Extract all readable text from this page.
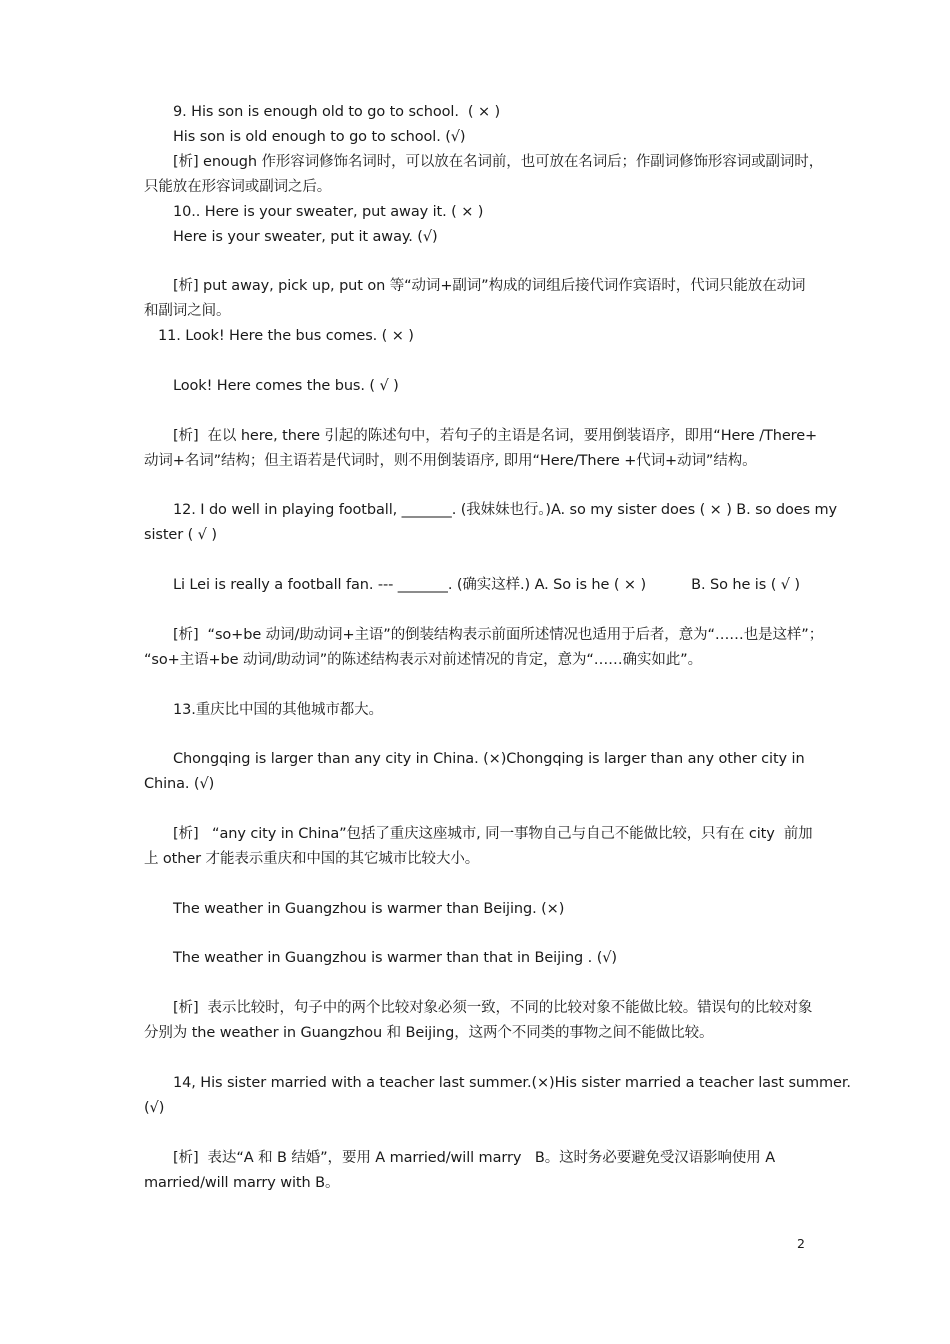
9. His son is enough old to go to school.  ( × )
His son is old enough to go to school. (√)
[析] enough 作形容词修饰名词时，可以放在名词前，也可放在名词后；作副词修饰形容词或副词时，
只能放在形容词或副词之后。
10.. Here is your sweater, put away it. ( × )
Here is your sweater, put it away. (√)
[析] put away, pick up, put on 等“动词+副词”构成的词组后接代词作宾语时，代词只能放在动词
和副词之间。
11. Look! Here the bus comes. ( × )
Look! Here comes the bus. ( √ )
[析]  在以 here, there 引起的陈述句中，若句子的主语是名词，要用倒装语序，即用“Here /There+
动词+名词”结构；但主语若是代词时，则不用倒装语序, 即用“Here/There +代词+动词”结构。
12. I do well in playing football, _______. (我妹妹也行。)A. so my sister does ( × ) B. so does my
sister ( √ )
Li Lei is really a football fan. --- _______. (确实这样.) A. So is he ( × )          B. So he is ( √ )
[析]  “so+be 动词/助动词+主语”的倒装结构表示前面所述情况也适用于后者，意为“……也是这样”；
“so+主语+be 动词/助动词”的陈述结构表示对前述情况的肯定，意为“……确实如此”。
13.重庆比中国的其他城市都大。
Chongqing is larger than any city in China. (×)Chongqing is larger than any other city in
China. (√)
[析]   “any city in China”包括了重庆这座城市, 同一事物自己与自己不能做比较，只有在 city  前加
上 other 才能表示重庆和中国的其它城市比较大小。
The weather in Guangzhou is warmer than Beijing. (×)
The weather in Guangzhou is warmer than that in Beijing . (√)
[析]  表示比较时，句子中的两个比较对象必须一致，不同的比较对象不能做比较。错误句的比较对象
分别为 the weather in Guangzhou 和 Beijing，这两个不同类的事物之间不能做比较。
14, His sister married with a teacher last summer.(×)His sister married a teacher last summer.
(√)
[析]  表达“A 和 B 结婚”，要用 A married/will marry   B。这时务必要避免受汉语影响使用 A
married/will marry with B。
2
